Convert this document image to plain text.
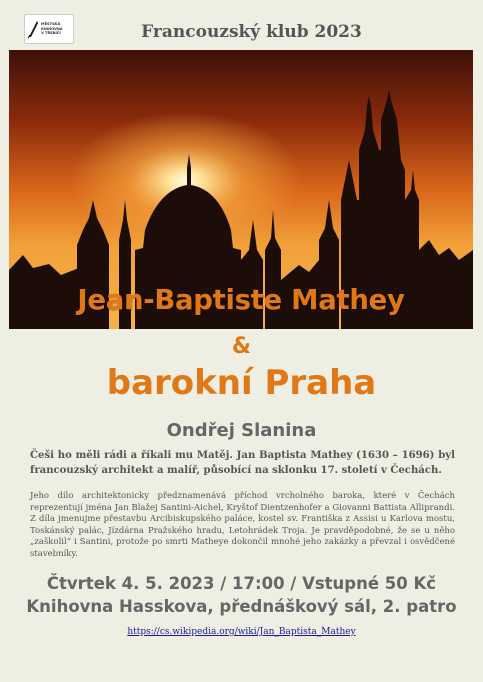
MĚSTSKÁ
KNIHOVNA
V TŘEBÍČI	Francouzský klub 2023
Jean-Baptiste Mathey
&
barokní Praha
Ondřej Slanina
Češi ho měli rádi a říkali mu Matěj. Jan Baptista Mathey (1630 – 1696) byl francouzský architekt a malíř, působící na sklonku 17. století v Čechách.
Jeho dílo architektonicky předznamenává příchod vrcholného baroka, které v Čechách reprezentují jména Jan Blažej Santini-Aichel, Kryštof Dientzenhofer a Giovanni Battista Alliprandi. Z díla jmenujme přestavbu Arcibiskupského paláce, kostel sv. Františka z Assisi u Karlova mostu, Toskánský palác, Jízdárna Pražského hradu, Letohrádek Troja. Je pravděpodobné, že se u něho „zaškolil“ i Santini, protože po smrti Matheye dokončil mnohé jeho zakázky a převzal i osvědčené stavebníky.
Čtvrtek 4. 5. 2023 / 17:00 / Vstupné 50 Kč
Knihovna Hasskova, přednáškový sál, 2. patro
https://cs.wikipedia.org/wiki/Jan_Baptista_Mathey
